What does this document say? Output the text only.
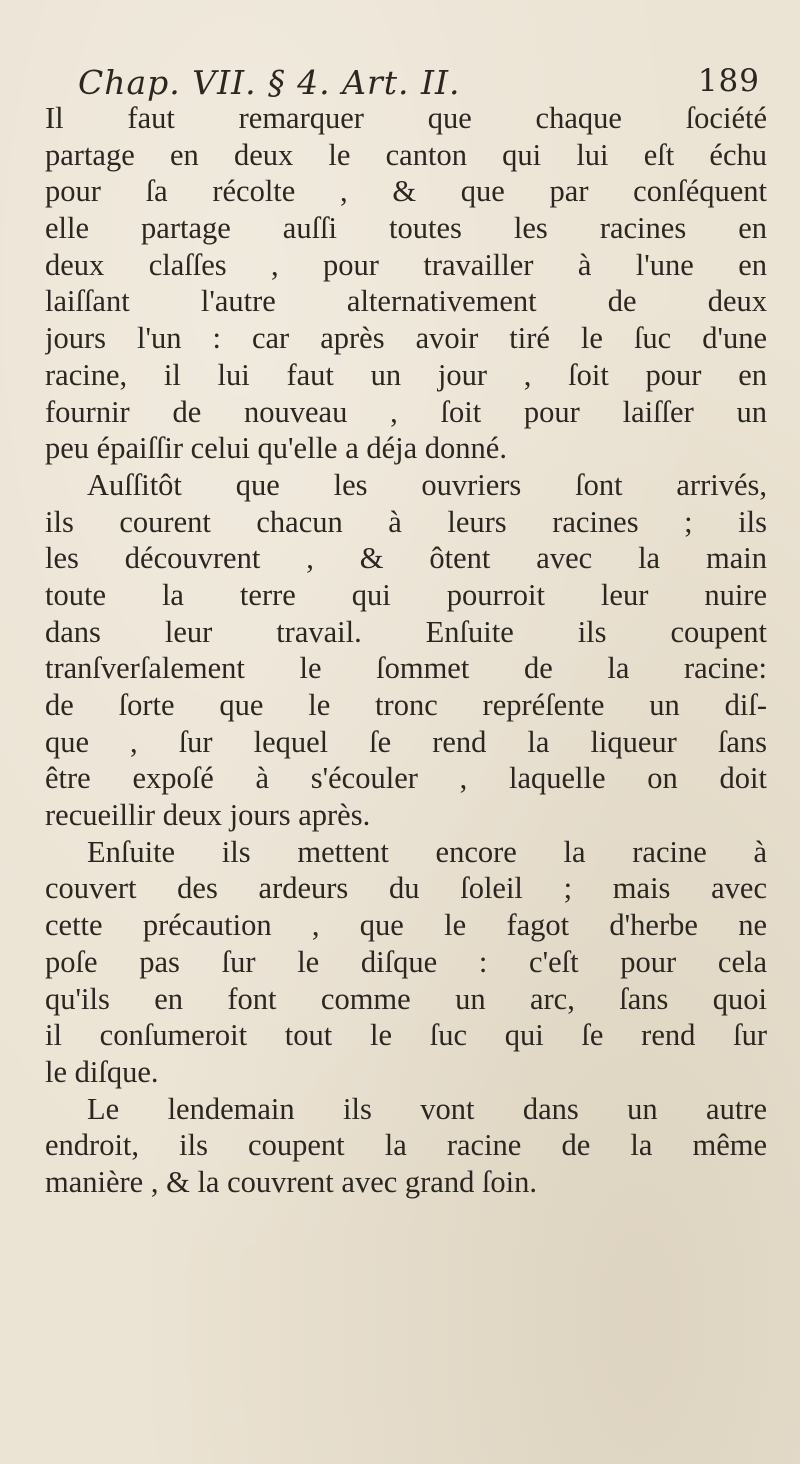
Chap. VII. § 4. Art. II.	189
Il faut remarquer que chaque ſociété
partage en deux le canton qui lui eſt échu
pour ſa récolte , & que par conſéquent
elle partage auſſi toutes les racines en
deux claſſes , pour travailler à l'une en
laiſſant l'autre alternativement de deux
jours l'un : car après avoir tiré le ſuc d'une
racine, il lui faut un jour , ſoit pour en
fournir de nouveau , ſoit pour laiſſer un
peu épaiſſir celui qu'elle a déja donné.
Auſſitôt que les ouvriers ſont arrivés,
ils courent chacun à leurs racines ; ils
les découvrent , & ôtent avec la main
toute la terre qui pourroit leur nuire
dans leur travail. Enſuite ils coupent
tranſverſalement le ſommet de la racine:
de ſorte que le tronc repréſente un diſ-
que , ſur lequel ſe rend la liqueur ſans
être expoſé à s'écouler , laquelle on doit
recueillir deux jours après.
Enſuite ils mettent encore la racine à
couvert des ardeurs du ſoleil ; mais avec
cette précaution , que le fagot d'herbe ne
poſe pas ſur le diſque : c'eſt pour cela
qu'ils en font comme un arc, ſans quoi
il conſumeroit tout le ſuc qui ſe rend ſur
le diſque.
Le lendemain ils vont dans un autre
endroit, ils coupent la racine de la même
manière , & la couvrent avec grand ſoin.
